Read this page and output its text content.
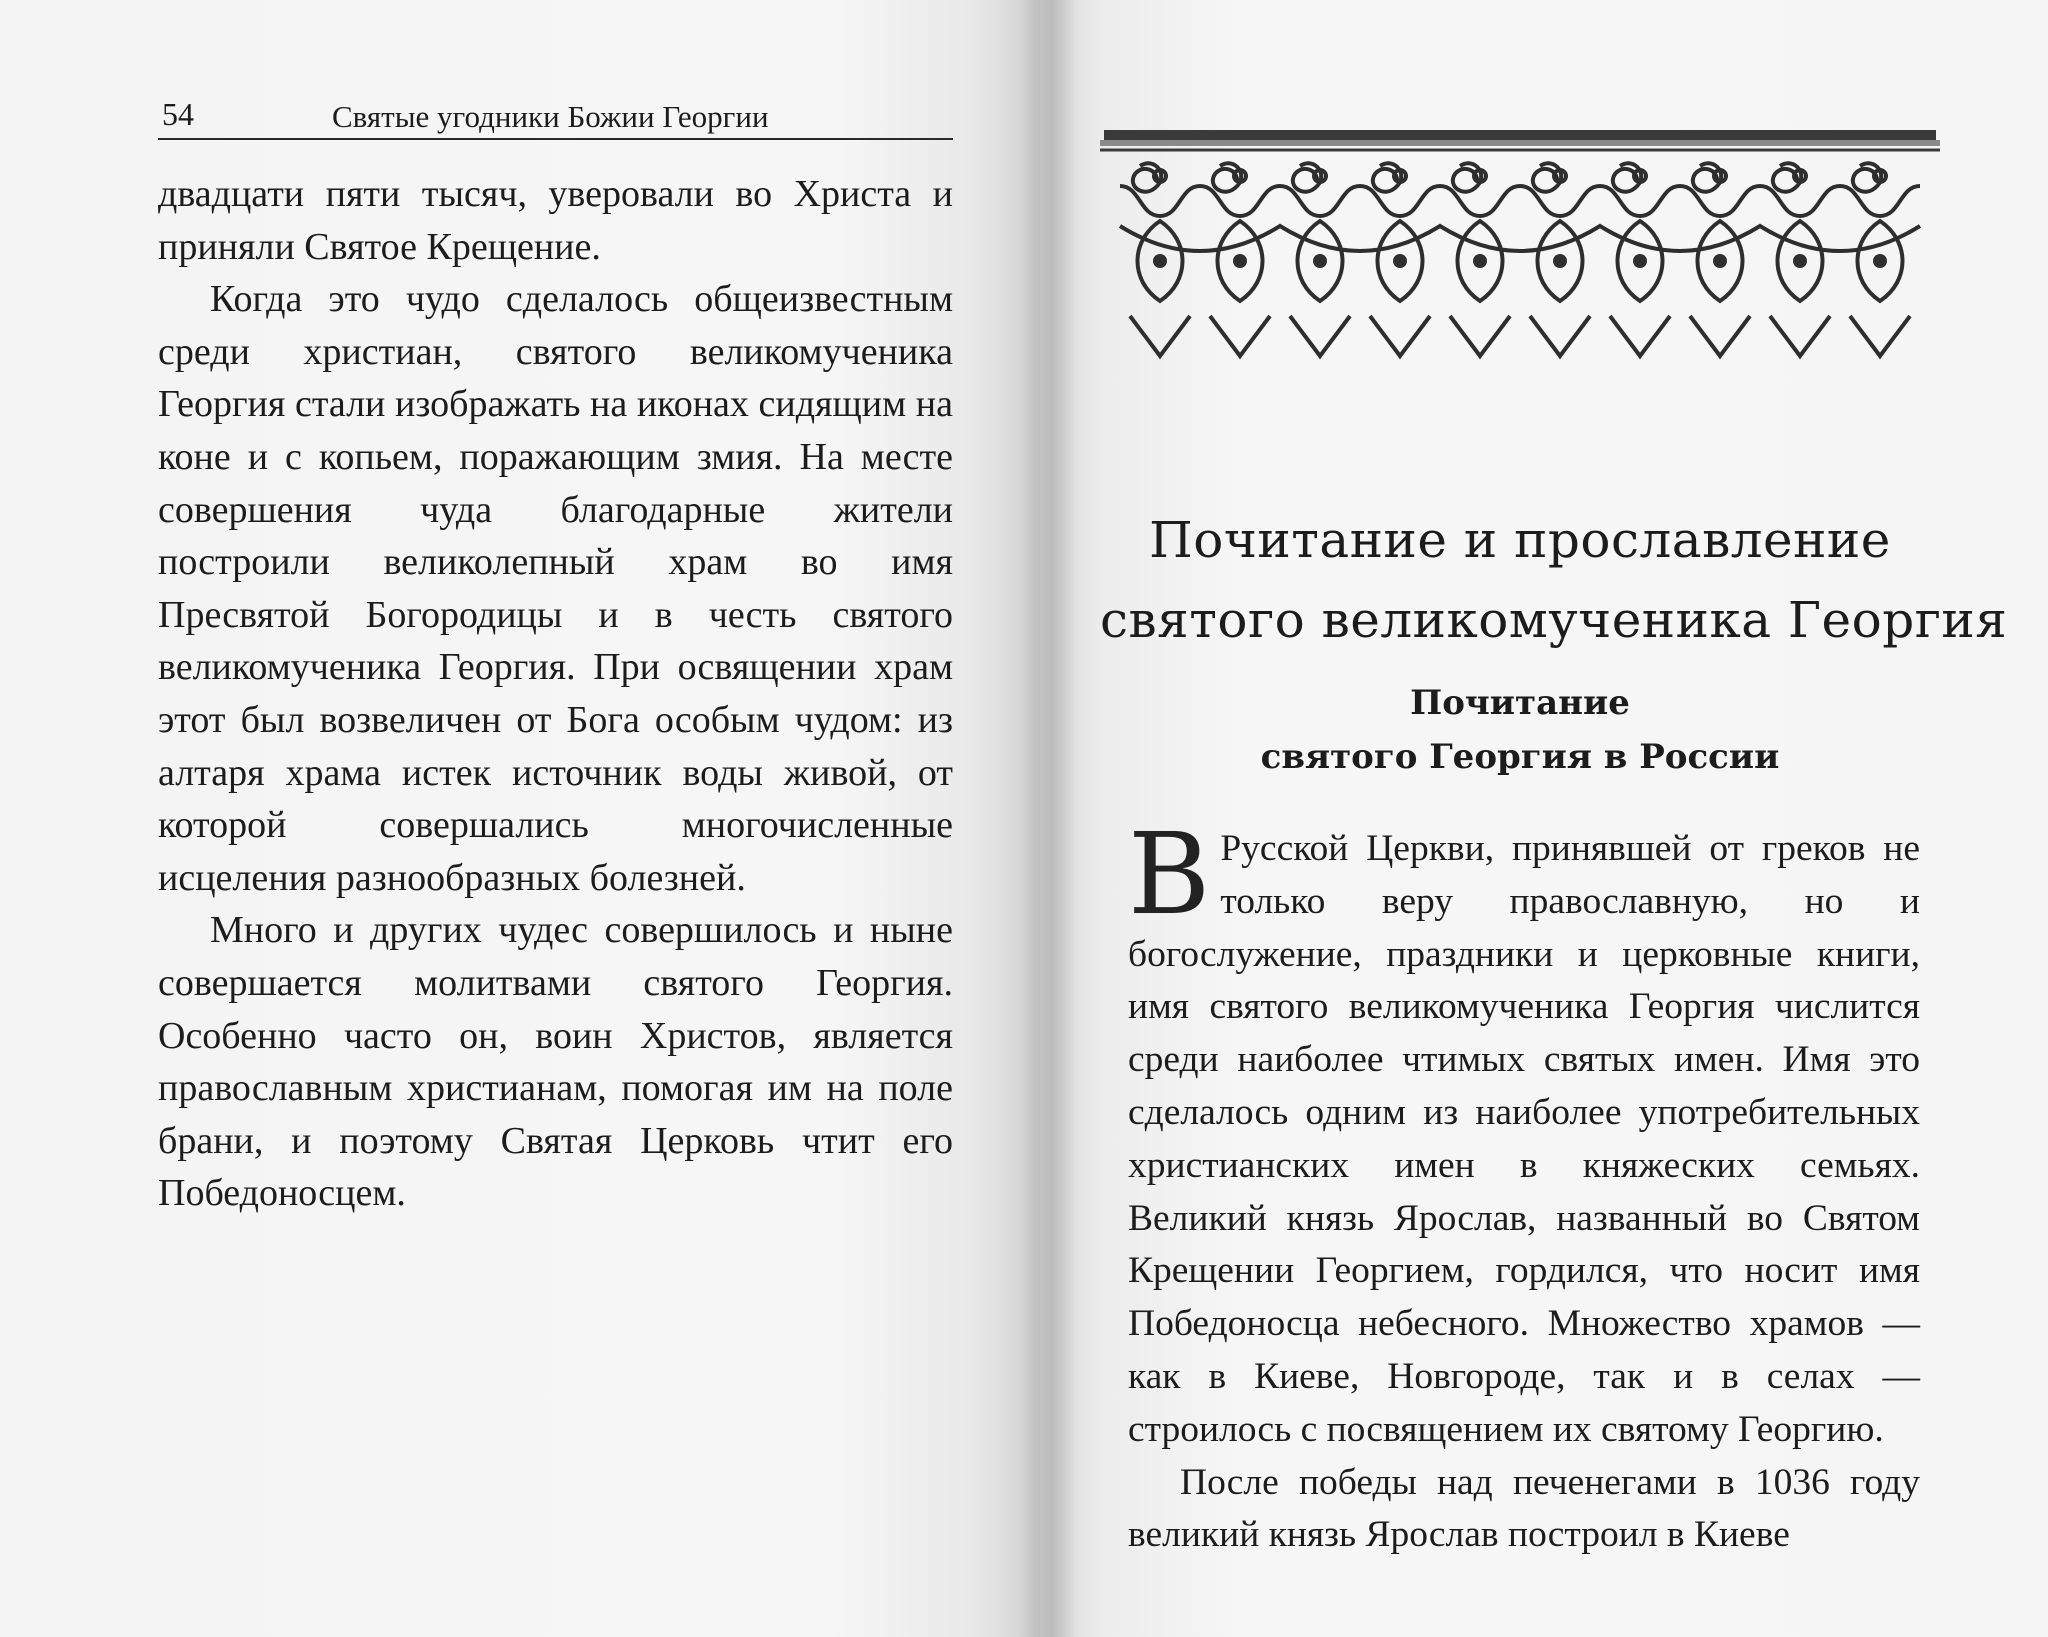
54	Святые угодники Божии Георгии

двадцати пяти тысяч, уверовали во Христа и приняли Святое Крещение.

Когда это чудо сделалось общеизвестным среди христиан, святого великомученика Георгия стали изображать на иконах сидящим на коне и с копьем, поражающим змия. На месте совершения чуда благодарные жители построили великолепный храм во имя Пресвятой Богородицы и в честь святого великомученика Георгия. При освящении храм этот был возвеличен от Бога особым чудом: из алтаря храма истек источник воды живой, от которой совершались многочисленные исцеления разнообразных болезней.

Много и других чудес совершилось и ныне совершается молитвами святого Георгия. Особенно часто он, воин Христов, является православным христианам, помогая им на поле брани, и поэтому Святая Церковь чтит его Победоносцем.

Почитание и прославление
святого великомученика Георгия
Почитание
святого Георгия в России

В Русской Церкви, принявшей от греков не только веру православную, но и богослужение, праздники и церковные книги, имя святого великомученика Георгия числится среди наиболее чтимых святых имен. Имя это сделалось одним из наиболее употребительных христианских имен в княжеских семьях. Великий князь Ярослав, названный во Святом Крещении Георгием, гордился, что носит имя Победоносца небесного. Множество храмов — как в Киеве, Новгороде, так и в селах — строилось с посвящением их святому Георгию.

После победы над печенегами в 1036 году великий князь Ярослав построил в Киеве
